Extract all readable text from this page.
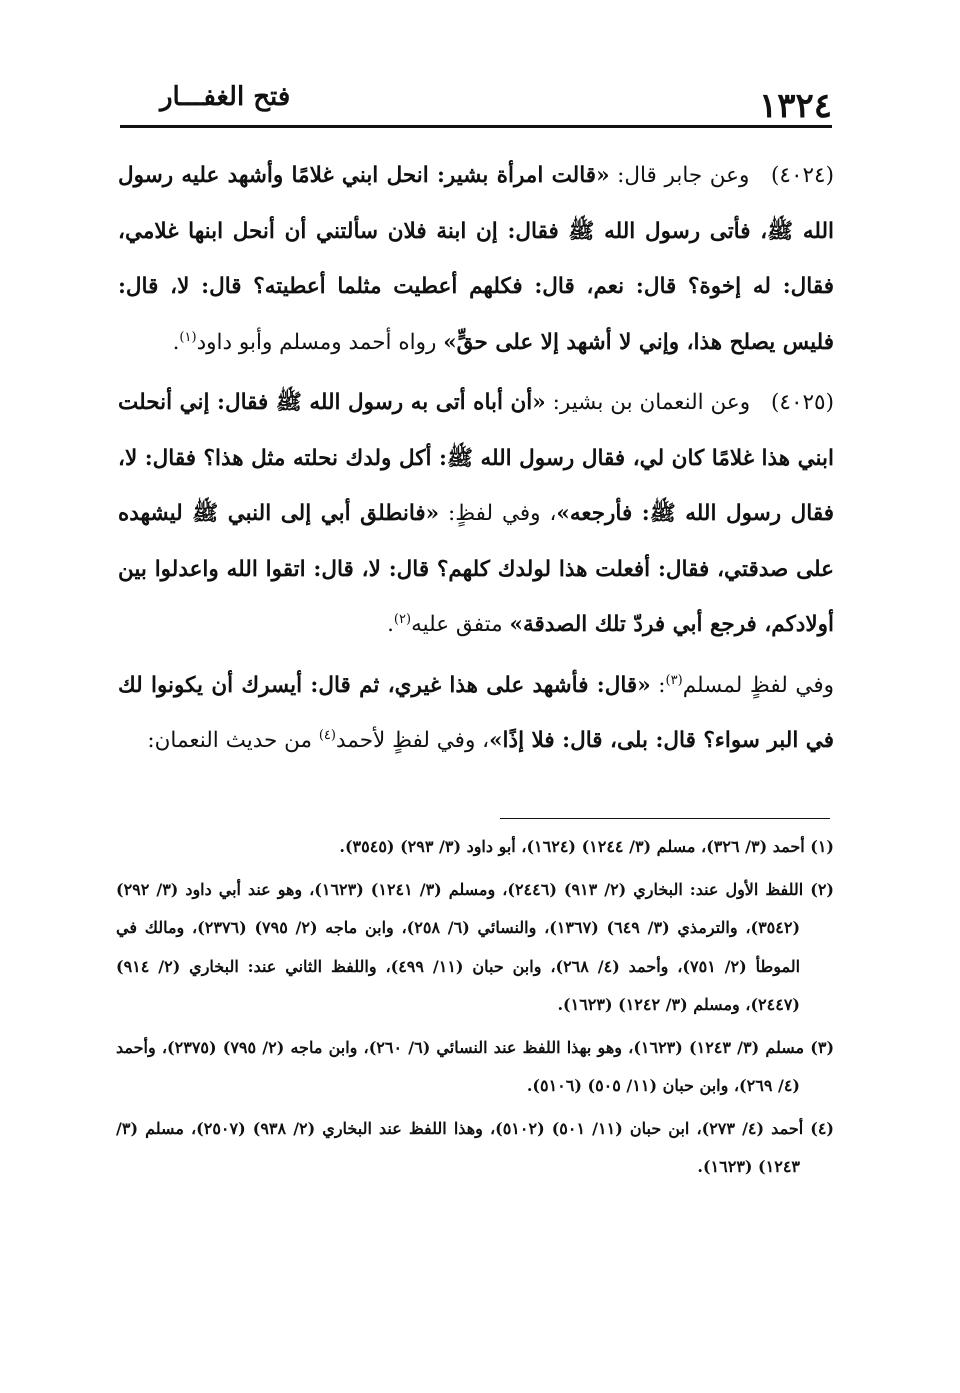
١٣٢٤
فتح الغفـــار

(٤٠٢٤) وعن جابر قال: «قالت امرأة بشير: انحل ابني غلامًا وأشهد عليه رسول الله ﷺ، فأتى رسول الله ﷺ فقال: إن ابنة فلان سألتني أن أنحل ابنها غلامي، فقال: له إخوة؟ قال: نعم، قال: فكلهم أعطيت مثلما أعطيته؟ قال: لا، قال: فليس يصلح هذا، وإني لا أشهد إلا على حقٍّ» رواه أحمد ومسلم وأبو داود$^{(١)}$.

(٤٠٢٥) وعن النعمان بن بشير: «أن أباه أتى به رسول الله ﷺ فقال: إني أنحلت ابني هذا غلامًا كان لي، فقال رسول الله ﷺ: أكل ولدك نحلته مثل هذا؟ فقال: لا، فقال رسول الله ﷺ: فأرجعه»، وفي لفظٍ: «فانطلق أبي إلى النبي ﷺ ليشهده على صدقتي، فقال: أفعلت هذا لولدك كلهم؟ قال: لا، قال: اتقوا الله واعدلوا بين أولادكم، فرجع أبي فردّ تلك الصدقة» متفق عليه$^{(٢)}$.

وفي لفظٍ لمسلم$^{(٣)}$: «قال: فأشهد على هذا غيري، ثم قال: أيسرك أن يكونوا لك في البر سواء؟ قال: بلى، قال: فلا إذًا»، وفي لفظٍ لأحمد$^{(٤)}$ من حديث النعمان:

(١) أحمد (٣/ ٣٢٦)، مسلم (٣/ ١٢٤٤) (١٦٢٤)، أبو داود (٣/ ٢٩٣) (٣٥٤٥).

(٢) اللفظ الأول عند: البخاري (٢/ ٩١٣) (٢٤٤٦)، ومسلم (٣/ ١٢٤١) (١٦٢٣)، وهو عند أبي داود (٣/ ٢٩٢) (٣٥٤٢)، والترمذي (٣/ ٦٤٩) (١٣٦٧)، والنسائي (٦/ ٢٥٨)، وابن ماجه (٢/ ٧٩٥) (٢٣٧٦)، ومالك في الموطأ (٢/ ٧٥١)، وأحمد (٤/ ٢٦٨)، وابن حبان (١١/ ٤٩٩)، واللفظ الثاني عند: البخاري (٢/ ٩١٤) (٢٤٤٧)، ومسلم (٣/ ١٢٤٢) (١٦٢٣).

(٣) مسلم (٣/ ١٢٤٣) (١٦٢٣)، وهو بهذا اللفظ عند النسائي (٦/ ٢٦٠)، وابن ماجه (٢/ ٧٩٥) (٢٣٧٥)، وأحمد (٤/ ٢٦٩)، وابن حبان (١١/ ٥٠٥) (٥١٠٦).

(٤) أحمد (٤/ ٢٧٣)، ابن حبان (١١/ ٥٠١) (٥١٠٢)، وهذا اللفظ عند البخاري (٢/ ٩٣٨) (٢٥٠٧)، مسلم (٣/ ١٢٤٣) (١٦٢٣).
